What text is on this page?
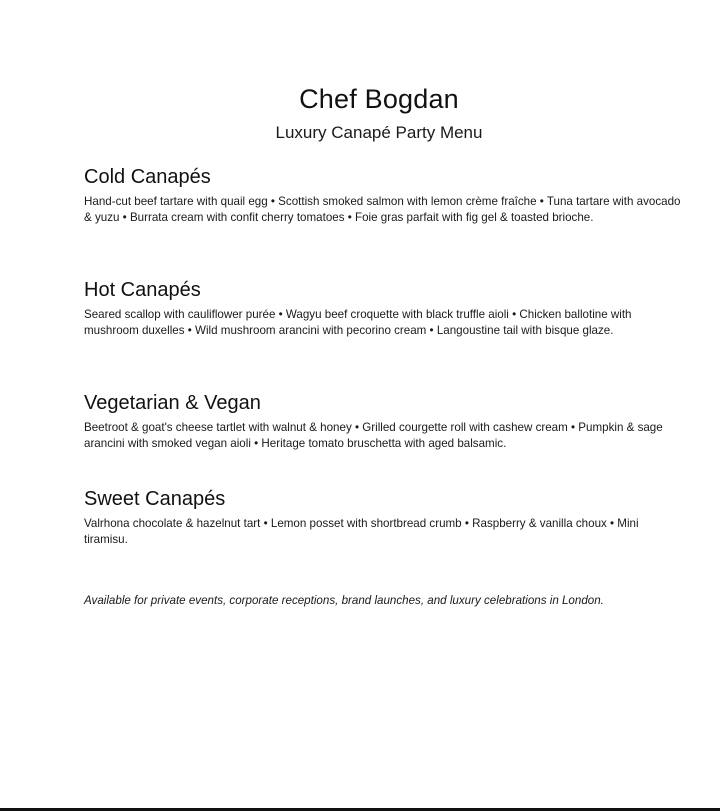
Chef Bogdan
Luxury Canapé Party Menu
Cold Canapés

Hand-cut beef tartare with quail egg • Scottish smoked salmon with lemon crème fraîche • Tuna tartare with avocado & yuzu • Burrata cream with confit cherry tomatoes • Foie gras parfait with fig gel & toasted brioche.

Hot Canapés

Seared scallop with cauliflower purée • Wagyu beef croquette with black truffle aioli • Chicken ballotine with mushroom duxelles • Wild mushroom arancini with pecorino cream • Langoustine tail with bisque glaze.

Vegetarian & Vegan

Beetroot & goat's cheese tartlet with walnut & honey • Grilled courgette roll with cashew cream • Pumpkin & sage arancini with smoked vegan aioli • Heritage tomato bruschetta with aged balsamic.

Sweet Canapés

Valrhona chocolate & hazelnut tart • Lemon posset with shortbread crumb • Raspberry & vanilla choux • Mini tiramisu.

Available for private events, corporate receptions, brand launches, and luxury celebrations in London.
